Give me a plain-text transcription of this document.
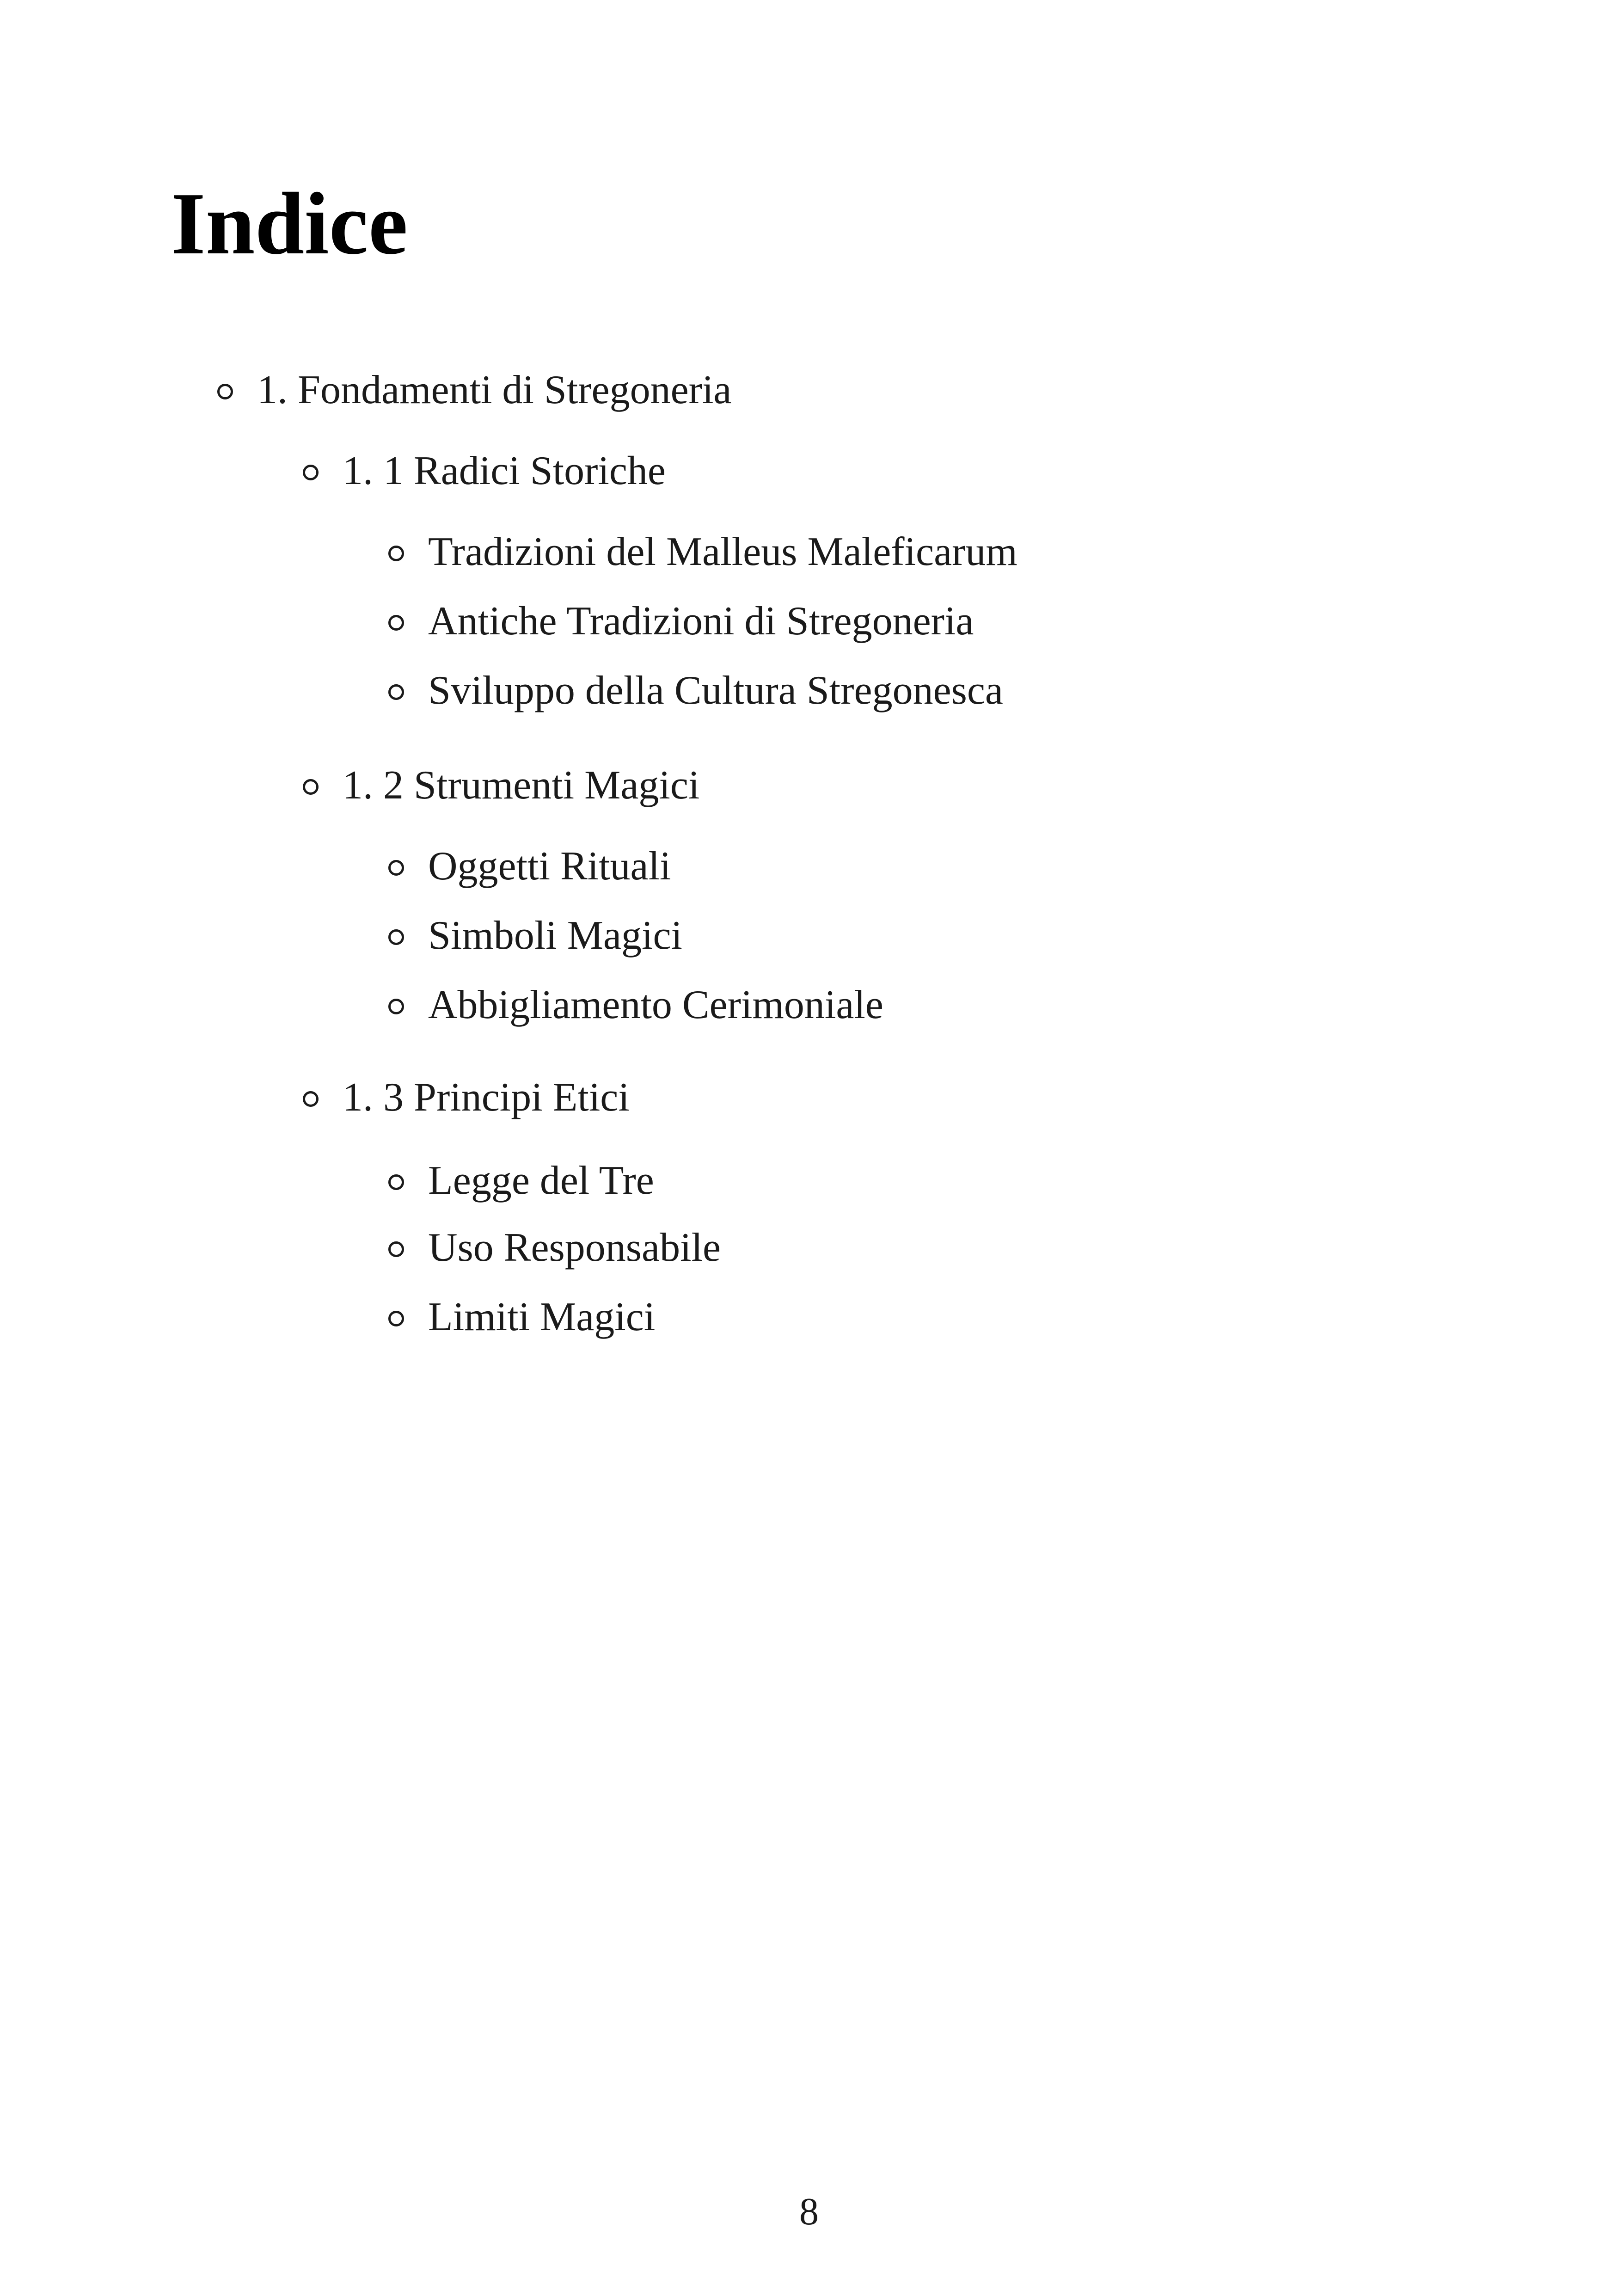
Indice
1. Fondamenti di Stregoneria
1. 1 Radici Storiche
Tradizioni del Malleus Maleficarum
Antiche Tradizioni di Stregoneria
Sviluppo della Cultura Stregonesca
1. 2 Strumenti Magici
Oggetti Rituali
Simboli Magici
Abbigliamento Cerimoniale
1. 3 Principi Etici
Legge del Tre
Uso Responsabile
Limiti Magici
8
